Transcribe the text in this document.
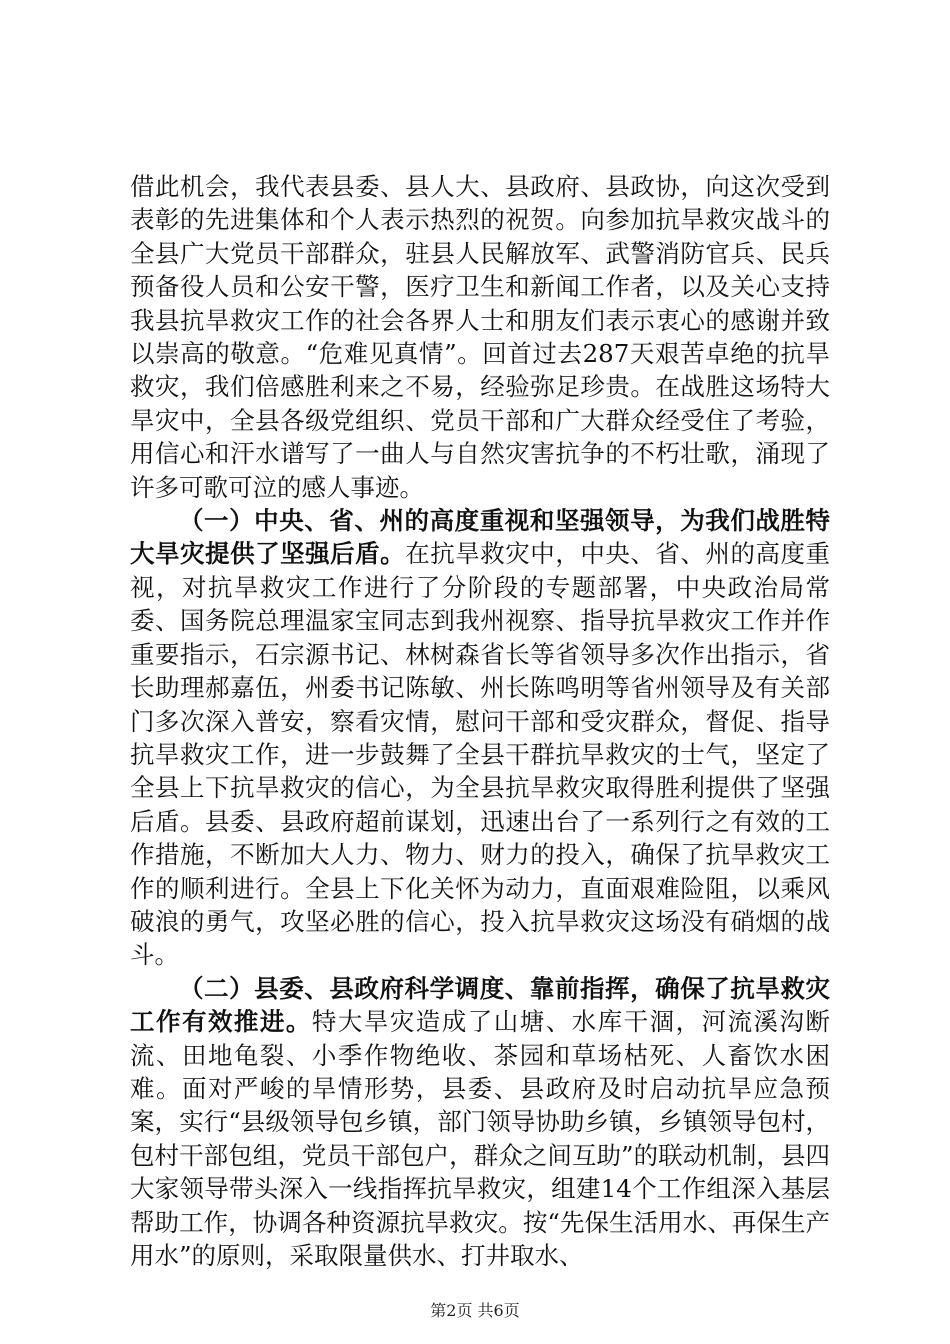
借此机会，我代表县委、县人大、县政府、县政协，向这次受到表彰的先进集体和个人表示热烈的祝贺。向参加抗旱救灾战斗的全县广大党员干部群众，驻县人民解放军、武警消防官兵、民兵预备役人员和公安干警，医疗卫生和新闻工作者，以及关心支持我县抗旱救灾工作的社会各界人士和朋友们表示衷心的感谢并致以崇高的敬意。“危难见真情”。回首过去287天艰苦卓绝的抗旱救灾，我们倍感胜利来之不易，经验弥足珍贵。在战胜这场特大旱灾中，全县各级党组织、党员干部和广大群众经受住了考验，用信心和汗水谱写了一曲人与自然灾害抗争的不朽壮歌，涌现了许多可歌可泣的感人事迹。

（一）中央、省、州的高度重视和坚强领导，为我们战胜特大旱灾提供了坚强后盾。在抗旱救灾中，中央、省、州的高度重视，对抗旱救灾工作进行了分阶段的专题部署，中央政治局常委、国务院总理温家宝同志到我州视察、指导抗旱救灾工作并作重要指示，石宗源书记、林树森省长等省领导多次作出指示，省长助理郝嘉伍，州委书记陈敏、州长陈鸣明等省州领导及有关部门多次深入普安，察看灾情，慰问干部和受灾群众，督促、指导抗旱救灾工作，进一步鼓舞了全县干群抗旱救灾的士气，坚定了全县上下抗旱救灾的信心，为全县抗旱救灾取得胜利提供了坚强后盾。县委、县政府超前谋划，迅速出台了一系列行之有效的工作措施，不断加大人力、物力、财力的投入，确保了抗旱救灾工作的顺利进行。全县上下化关怀为动力，直面艰难险阻，以乘风破浪的勇气，攻坚必胜的信心，投入抗旱救灾这场没有硝烟的战斗。

（二）县委、县政府科学调度、靠前指挥，确保了抗旱救灾工作有效推进。特大旱灾造成了山塘、水库干涸，河流溪沟断流、田地龟裂、小季作物绝收、茶园和草场枯死、人畜饮水困难。面对严峻的旱情形势，县委、县政府及时启动抗旱应急预案，实行“县级领导包乡镇，部门领导协助乡镇，乡镇领导包村，包村干部包组，党员干部包户，群众之间互助”的联动机制，县四大家领导带头深入一线指挥抗旱救灾，组建14个工作组深入基层帮助工作，协调各种资源抗旱救灾。按“先保生活用水、再保生产用水”的原则，采取限量供水、打井取水、

第2页 共6页
